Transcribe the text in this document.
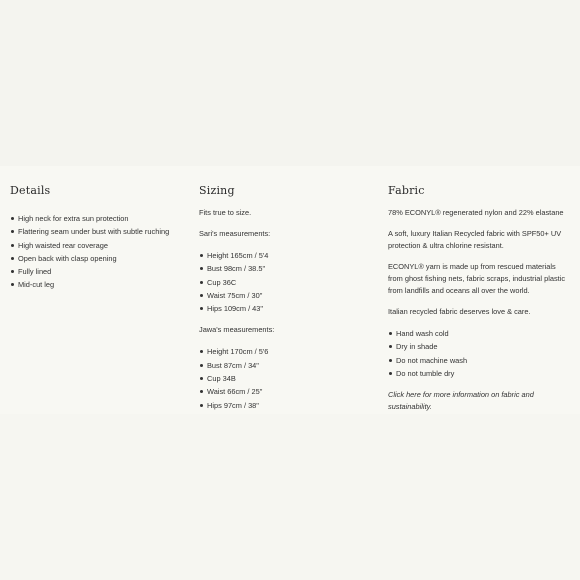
Details
High neck for extra sun protection
Flattering seam under bust with subtle ruching
High waisted rear coverage
Open back with clasp opening
Fully lined
Mid-cut leg
Sizing

Fits true to size.

Sari's measurements:

Height 165cm / 5'4
Bust 98cm / 38.5"
Cup 36C
Waist 75cm / 30"
Hips 109cm / 43"

Jawa's measurements:

Height 170cm / 5'6
Bust 87cm / 34"
Cup 34B
Waist 66cm / 25"
Hips 97cm / 38"
Fabric

78% ECONYL® regenerated nylon and 22% elastane

A soft, luxury Italian Recycled fabric with SPF50+ UV protection & ultra chlorine resistant.

ECONYL® yarn is made up from rescued materials from ghost fishing nets, fabric scraps, industrial plastic from landfills and oceans all over the world.

Italian recycled fabric deserves love & care.

Hand wash cold
Dry in shade
Do not machine wash
Do not tumble dry

Click here for more information on fabric and sustainability.
